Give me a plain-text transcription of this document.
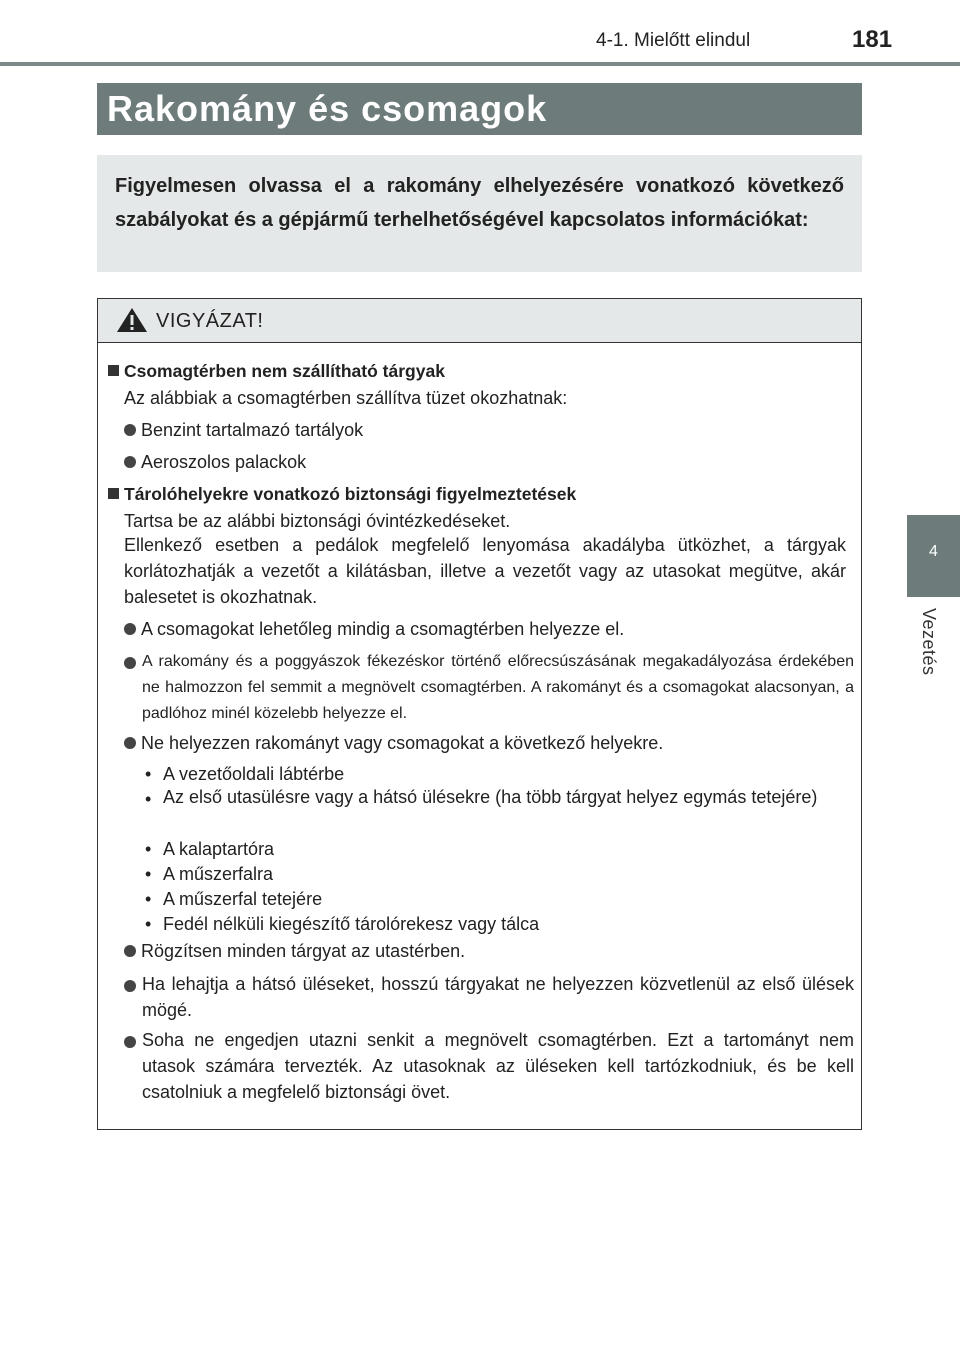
4-1. Mielőtt elindul	181
Rakomány és csomagok
Figyelmesen olvassa el a rakomány elhelyezésére vonatkozó következő szabályokat és a gépjármű terhelhetőségével kapcsolatos információkat:
4
Vezetés
VIGYÁZAT!
Csomagtérben nem szállítható tárgyak
Az alábbiak a csomagtérben szállítva tüzet okozhatnak:
Benzint tartalmazó tartályok
Aeroszolos palackok
Tárolóhelyekre vonatkozó biztonsági figyelmeztetések
Tartsa be az alábbi biztonsági óvintézkedéseket.
Ellenkező esetben a pedálok megfelelő lenyomása akadályba ütközhet, a tárgyak korlátozhatják a vezetőt a kilátásban, illetve a vezetőt vagy az utasokat megütve, akár balesetet is okozhatnak.
A csomagokat lehetőleg mindig a csomagtérben helyezze el.
A rakomány és a poggyászok fékezéskor történő előrecsúszásának megakadályozása érdekében ne halmozzon fel semmit a megnövelt csomagtérben. A rakományt és a csomagokat alacsonyan, a padlóhoz minél közelebb helyezze el.
Ne helyezzen rakományt vagy csomagokat a következő helyekre.
• A vezetőoldali lábtérbe
• Az első utasülésre vagy a hátsó ülésekre (ha több tárgyat helyez egymás tetejére)
• A kalaptartóra
• A műszerfalra
• A műszerfal tetejére
• Fedél nélküli kiegészítő tárolórekesz vagy tálca
Rögzítsen minden tárgyat az utastérben.
Ha lehajtja a hátsó üléseket, hosszú tárgyakat ne helyezzen közvetlenül az első ülések mögé.
Soha ne engedjen utazni senkit a megnövelt csomagtérben. Ezt a tartományt nem utasok számára tervezték. Az utasoknak az üléseken kell tartózkodniuk, és be kell csatolniuk a megfelelő biztonsági övet.
